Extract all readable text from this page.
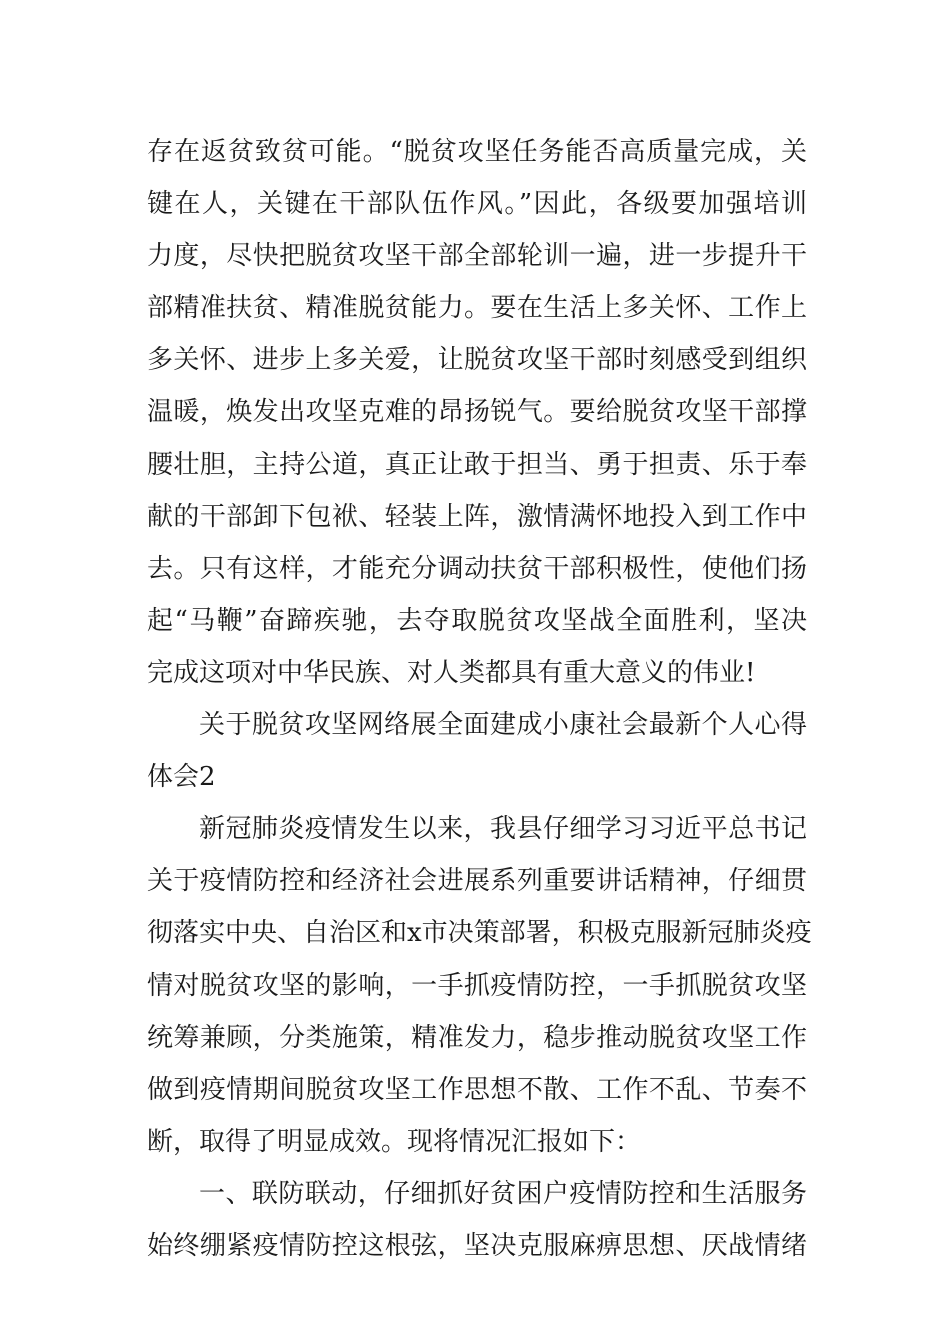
存在返贫致贫可能。“脱贫攻坚任务能否高质量完成，关
键在人，关键在干部队伍作风。”因此，各级要加强培训
力度，尽快把脱贫攻坚干部全部轮训一遍，进一步提升干
部精准扶贫、精准脱贫能力。要在生活上多关怀、工作上
多关怀、进步上多关爱，让脱贫攻坚干部时刻感受到组织
温暖，焕发出攻坚克难的昂扬锐气。要给脱贫攻坚干部撑
腰壮胆，主持公道，真正让敢于担当、勇于担责、乐于奉
献的干部卸下包袱、轻装上阵，激情满怀地投入到工作中
去。只有这样，才能充分调动扶贫干部积极性，使他们扬
起“马鞭”奋蹄疾驰，去夺取脱贫攻坚战全面胜利，坚决
完成这项对中华民族、对人类都具有重大意义的伟业!
关于脱贫攻坚网络展全面建成小康社会最新个人心得
体会2
新冠肺炎疫情发生以来，我县仔细学习习近平总书记
关于疫情防控和经济社会进展系列重要讲话精神，仔细贯
彻落实中央、自治区和x市决策部署，积极克服新冠肺炎疫
情对脱贫攻坚的影响，一手抓疫情防控，一手抓脱贫攻坚
统筹兼顾，分类施策，精准发力，稳步推动脱贫攻坚工作
做到疫情期间脱贫攻坚工作思想不散、工作不乱、节奏不
断，取得了明显成效。现将情况汇报如下：
一、联防联动，仔细抓好贫困户疫情防控和生活服务
始终绷紧疫情防控这根弦，坚决克服麻痹思想、厌战情绪
